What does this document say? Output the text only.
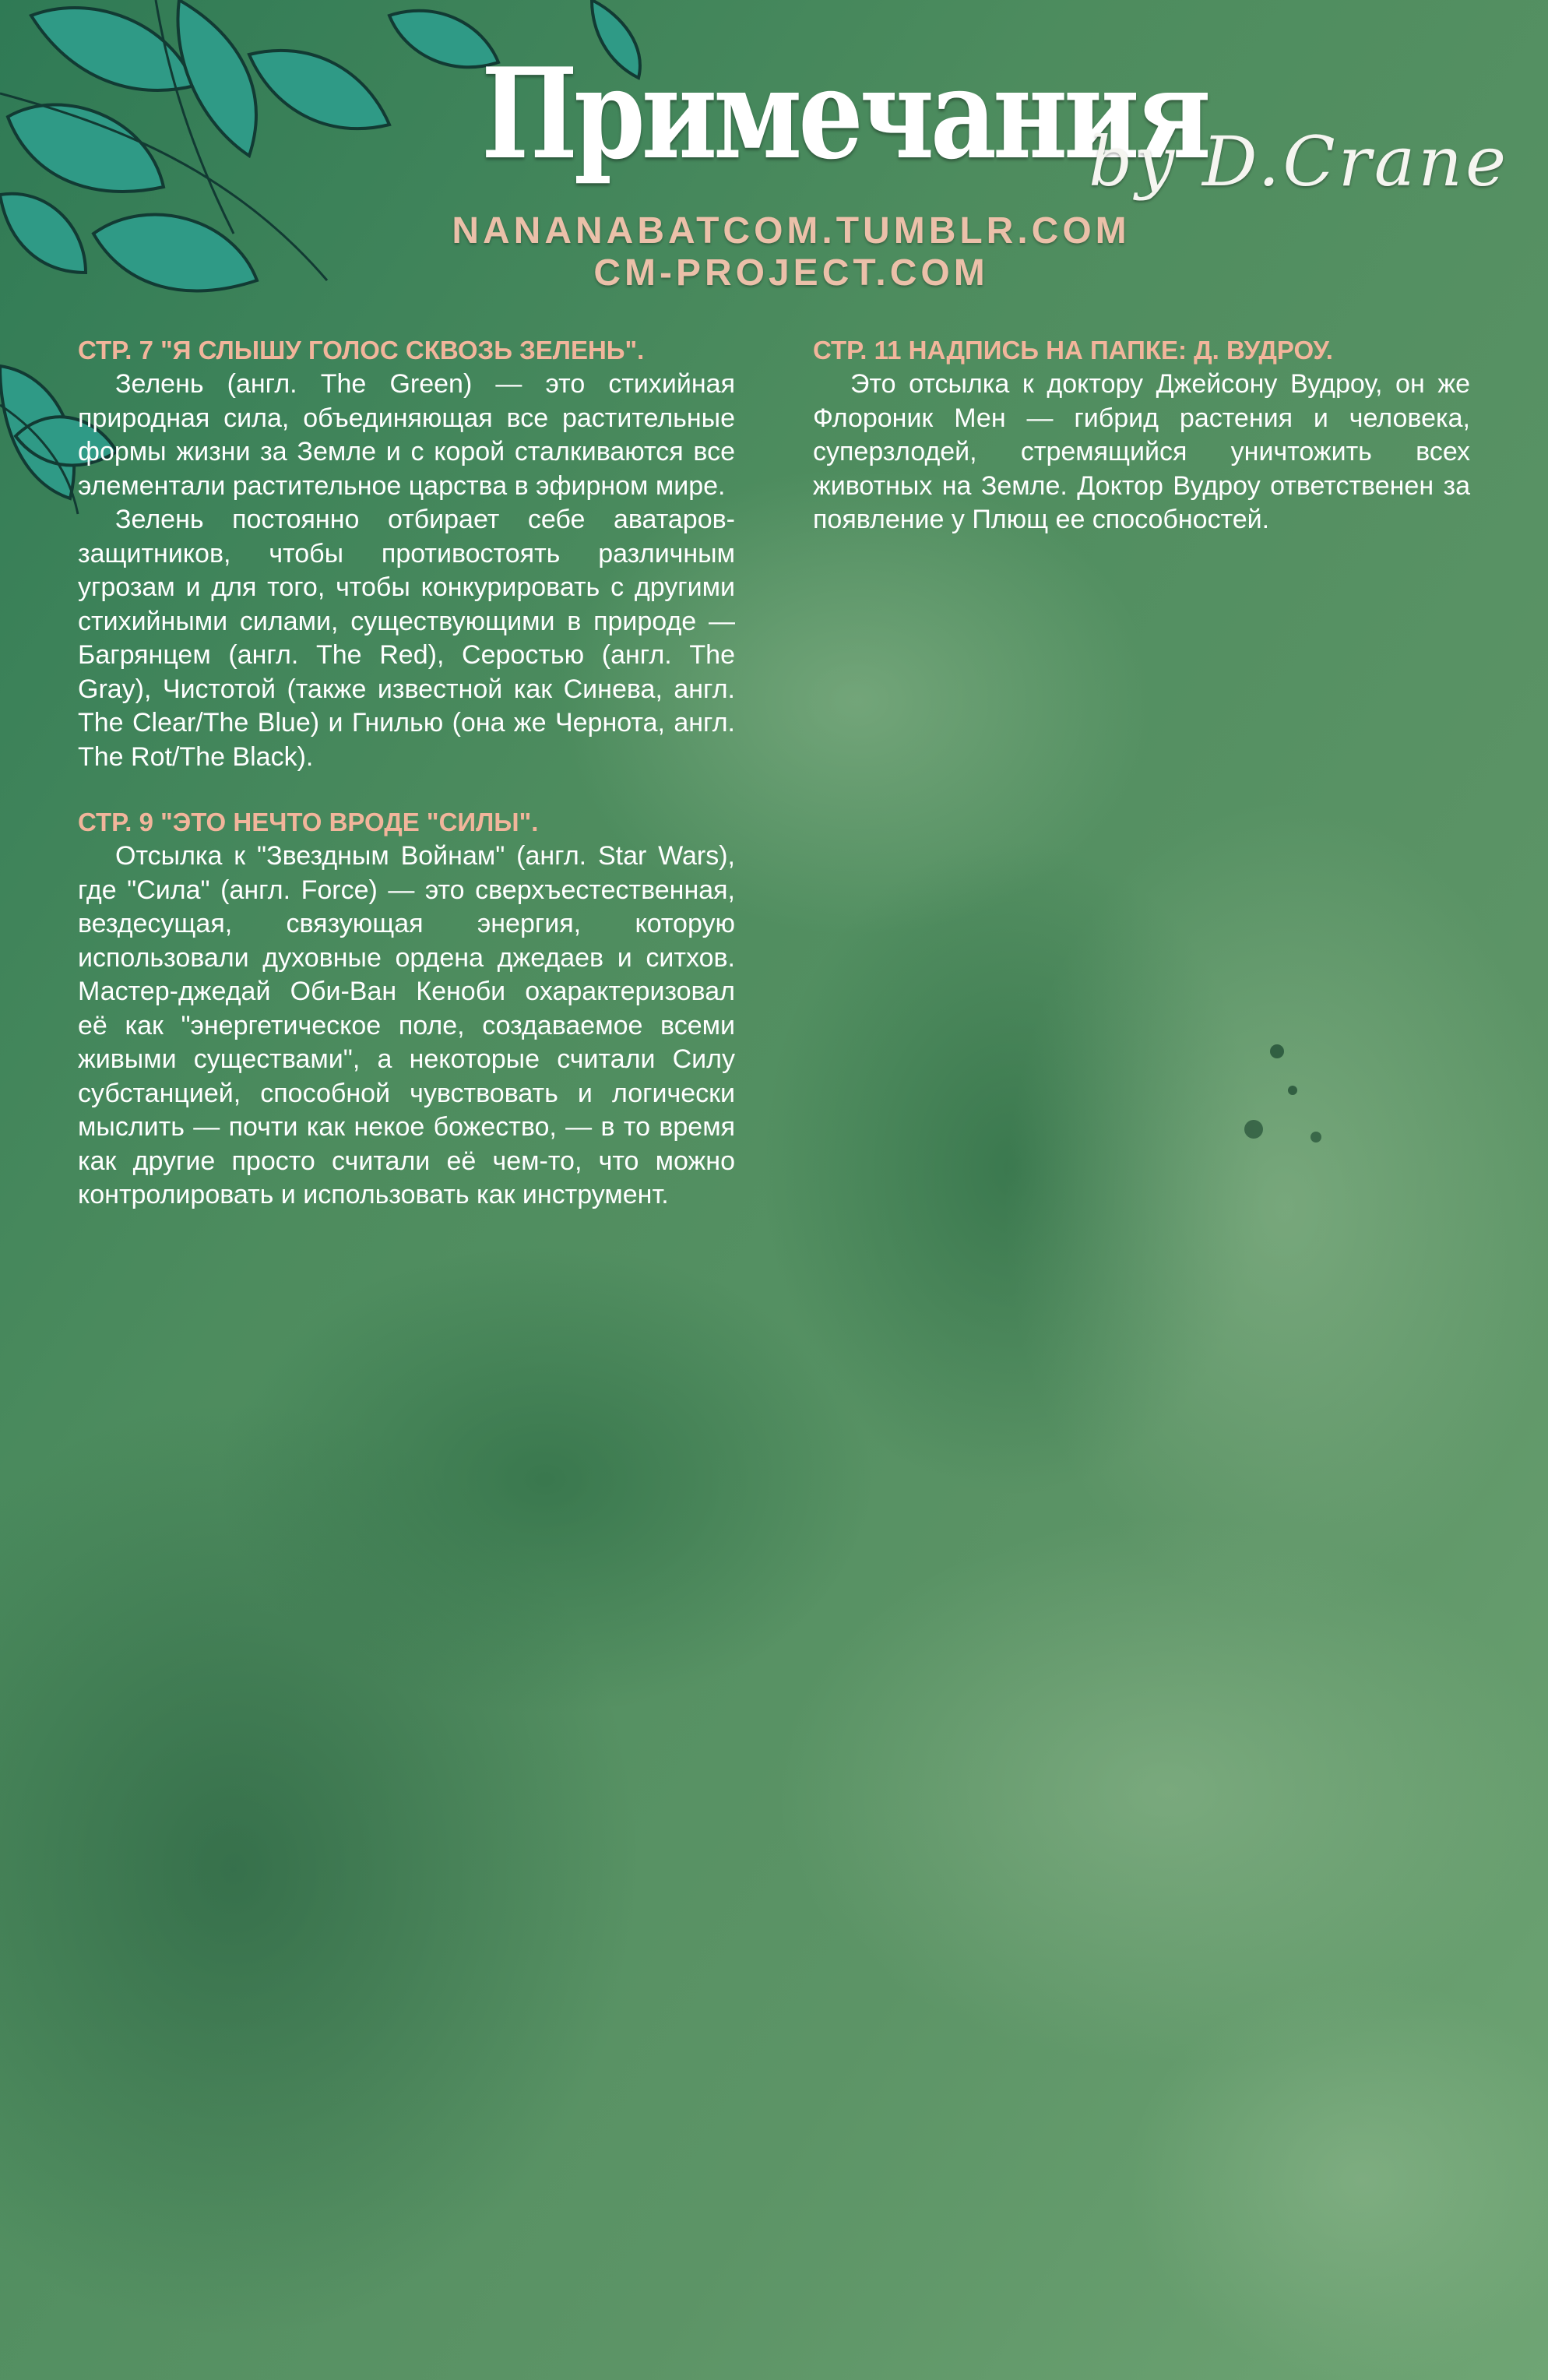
Примечания
by D.Crane
NANANABATCOM.TUMBLR.COM
CM-PROJECT.COM

СТР. 7 "Я СЛЫШУ ГОЛОС СКВОЗЬ ЗЕЛЕНЬ".

Зелень (англ. The Green) — это стихийная природная сила, объединяющая все растительные формы жизни за Земле и с корой сталкиваются все элементали растительное царства в эфирном мире.

Зелень постоянно отбирает себе аватаров-защитников, чтобы противостоять различным угрозам и для того, чтобы конкурировать с другими стихийными силами, существующими в природе — Багрянцем (англ. The Red), Серостью (англ. The Gray), Чистотой (также известной как Синева, англ. The Clear/The Blue) и Гнилью (она же Чернота, англ. The Rot/The Black).

СТР. 9 "ЭТО НЕЧТО ВРОДЕ "СИЛЫ".

Отсылка к "Звездным Войнам" (англ. Star Wars), где "Сила" (англ. Force) — это сверхъестественная, вездесущая, связующая энергия, которую использовали духовные ордена джедаев и ситхов. Мастер-джедай Оби-Ван Кеноби охарактеризовал её как "энергетическое поле, создаваемое всеми живыми существами", а некоторые считали Силу субстанцией, способной чувствовать и логически мыслить — почти как некое божество, — в то время как другие просто считали её чем-то, что можно контролировать и использовать как инструмент.

СТР. 11 НАДПИСЬ НА ПАПКЕ: Д. ВУДРОУ.

Это отсылка к доктору Джейсону Вудроу, он же Флороник Мен — гибрид растения и человека, суперзлодей, стремящийся уничтожить всех животных на Земле. Доктор Вудроу ответственен за появление у Плющ ее способностей.
